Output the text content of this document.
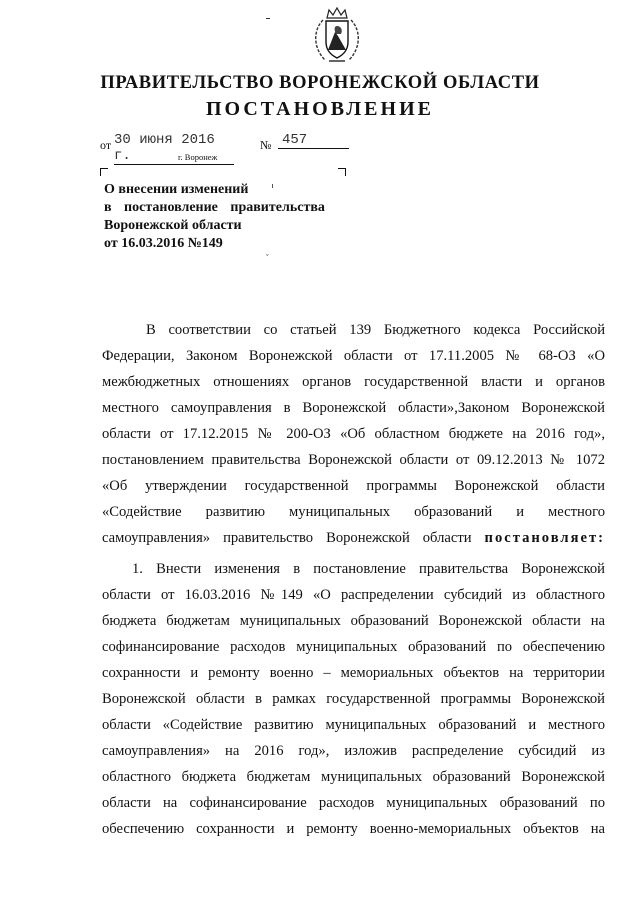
ПРАВИТЕЛЬСТВО ВОРОНЕЖСКОЙ ОБЛАСТИ
ПОСТАНОВЛЕНИЕ
от 30 июня 2016 г.
№ 457
г. Воронеж
О внесении изменений
в постановление правительства
Воронежской области
от 16.03.2016 №149
ˇ
В соответствии со статьей 139 Бюджетного кодекса Российской
Федерации, Законом Воронежской области от 17.11.2005 № 68-ОЗ «О
межбюджетных отношениях органов государственной власти и органов
местного самоуправления в Воронежской области»,Законом Воронежской
области от 17.12.2015 № 200-ОЗ «Об областном бюджете на 2016 год»,
постановлением правительства Воронежской области от 09.12.2013 № 1072
«Об утверждении государственной программы Воронежской области
«Содействие развитию муниципальных образований и местного
самоуправления» правительство Воронежской области постановляет:
1. Внести изменения в постановление правительства Воронежской
области от 16.03.2016 №149 «О распределении субсидий из областного
бюджета бюджетам муниципальных образований Воронежской области на
софинансирование расходов муниципальных образований по обеспечению
сохранности и ремонту военно – мемориальных объектов на территории
Воронежской области в рамках государственной программы Воронежской
области «Содействие развитию муниципальных образований и местного
самоуправления» на 2016 год», изложив распределение субсидий из
областного бюджета бюджетам муниципальных образований Воронежской
области на софинансирование расходов муниципальных образований по
обеспечению сохранности и ремонту военно-мемориальных объектов на
